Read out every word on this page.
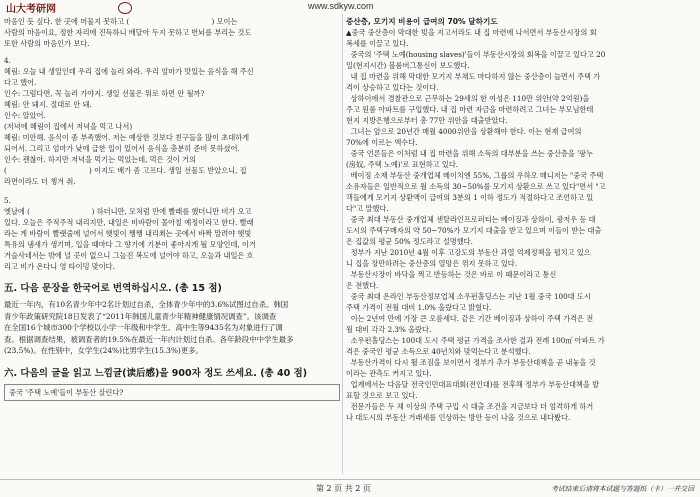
山大考研网	www.sdkyw.com

마음인 듯 싶다. 한 곳에 머물지 못하고 (                                    ) 모이는
사람의 마음이요, 정한 자리에 진득하니 배달아 두지 못하고 번뇌를 부리는 것도
또한 사람의 마음인가 보다.

4.

혜림: 오늘 내 생일인데 우리 집에 놀러 와라. 우리 엄마가 맛있는 음식을 해 주신
다고 했어.
인수: 그럼다면, 꼭 놀러 가야지. 생일 선물은 뭐로 하면 안 될까?
혜림: 안 돼지. 절대로 안 돼.
인수: 알았어.
(저녁에 혜림이 집에서 저녁을 먹고 나서)
혜림: 미안해. 음식이 좀 부족했어. 저는 예상한 것보다 친구들을 많이 초대하게
되어서. 그리고 엄마가 낮에 급한 일이 있어서 음식을 충분히 준비 못하셨어.
인수: 괜찮아. 하지만 저녁을 먹기는 먹었는데, 먹은 것이 거의
(                                    ) 이지도 배가 좀 고프다. 생일 선물도 받았으니, 집
라면이라도 더 챙겨 줘.

5.

옛날에 (                           ) 하더니만, 모처럼 만에 빨래를 했더니만 비가 오고
있다. 오늘은 주적주적 내리지만, 내일은 비바람이 몰아칠 예정이라고 한다. 빨래
라는 게 바람이 빨랫줄에 널어서 햇빛이 쨍쨍 내리쬐는 곳에서 바짝 말려야 햇빛
특유의 냄새가 생기며, 입을 때마다 그 향기에 기분이 좋아지게 될 모양인데, 이거
거슬사네서는 밖에 널 곳이 없으니 그늘진 복도에 널어야 하고, 오늘과 내일은 흐
리고 비가 온다니 영 타이밍 맞이다.

五. 다음 문장을 한국어로 번역하십시오. (총 15 점)

最近一年内，有10名青少年中2名计划过自杀，全体青少年中的3.6%试图过自杀。韩国
青少年政策研究院18日发表了“2011年韩国儿童青少年精神健康情况调查”。该调查
在全国16个城市300个学校以小学一年级和中学生、高中生等9435名为对象进行了调
查。根据调查结果，被调查者的19.5%在最近一年内计划过自杀。各年龄段中中学生最多
(23.5%)。在性别中，女学生(24%)比男学生(15.3%)更多。

六. 다음의 글을 읽고 느낌글(读后感)을 900자 정도 쓰세요. (총 40 점)
중국 '주택 노예'들이 부동산 살린다?
중산층, 모기지 비용이 급여의 70% 달하기도

▲중국 중산층이 막대한 빚을 지고서라도 내 집 마련에 나서면서 부동산시장의 회

복세를 이끌고 있다.
중국의 '주택 노예(housing slaves)'들이 부동산시장의 회복을 이끌고 있다고 20
일(현지시간) 블룸버그통신이 보도했다.
내 집 마련을 위해 막대한 모기지 부채도 마다하지 않는 중산층이 늘면서 주택 가
격이 상승하고 있다는 것이다.
상하이에서 경찰관으로 근무하는 29세의 한 여성은 110만 위안(약 2억원)을
주고 원룸 아파트를 구입했다. 내 집 마련 자금을 마련하려고 그녀는 부모님한테
현지 지방은행으로부터 총 77만 위안을 대출받았다.
그녀는 앞으로 20년간 매월 4000위안을 상환해야 한다. 이는 현재 급여의
70%에 이르는 액수다.
중국 언론들은 이처럼 내 집 마련을 위해 소득의 대부분을 쓰는 중산층을 '팡누
(房奴, 주택 노예)'로 표현하고 있다.
베이징 소재 부동산 중개업체 메이치엔 55%, 그룹의 우하오 매니저는 "중국 주택
소유자들은 일반적으로 월 소득의 30~50%를 모기지 상환으로 쓰고 있다"면서 "고
객들에게 모기지 상환액이 급여의 3분의 1 이하 정도가 적절하다고 조언하고 있
다"고 말했다.
중국 최대 부동산 중개업체 센탈라인프로퍼티는 베이징과 상하이, 광저우 등 대
도시의 주택구매자의 약 50~70%가 모기지 대출을 받고 있으며 이들이 받는 대출
은 집값의 평균 50% 정도라고 설명했다.
정부가 지난 2010년 4월 이후 고강도의 부동산 과열 억제정책을 펼치고 있으
니 집을 장만하려는 중산층의 열망은 꺾지 못하고 있다.
부동산시장이 바닥을 찍고 반등하는 것은 바로 이 때문이라고 통신
은 전했다.
중국 최대 온라인 부동산정보업체 소우펀홀딩스는 지난 1월 중국 100대 도시
주택 가격이 전월 대비 1.0% 올랐다고 밝혔다.
이는 2년여 만에 가장 큰 오름세다. 같은 기간 베이징과 상하이 주택 가격은 전
월 대비 각각 2.3% 올랐다.
소우펀홀딩스는 100대 도시 주택 평균 가격을 조사한 결과 전례 100㎡ 아파트 가
격은 중국인 평균 소득으로 40년치와 맞먹는다고 분석했다.
부동산가격이 다시 뛸 조짐을 보이면서 정부가 추가 부동산대책을 곧 내놓을 것
이라는 관측도 커지고 있다.
업계에서는 다음달 전국인민대표대회(전인대)를 전후해 정부가 부동산대책을 발
표할 것으로 보고 있다.
전문가들은 두 채 이상의 주택 구입 시 대출 조건을 지금보다 더 엄격하게 하거
나 대도시의 부동산 거래세를 인상하는 방안 등이 나올 것으로 내다봤다.

第 2 页 共 2 页	考试结束后请将本试题与答题纸（卡）一并交回
